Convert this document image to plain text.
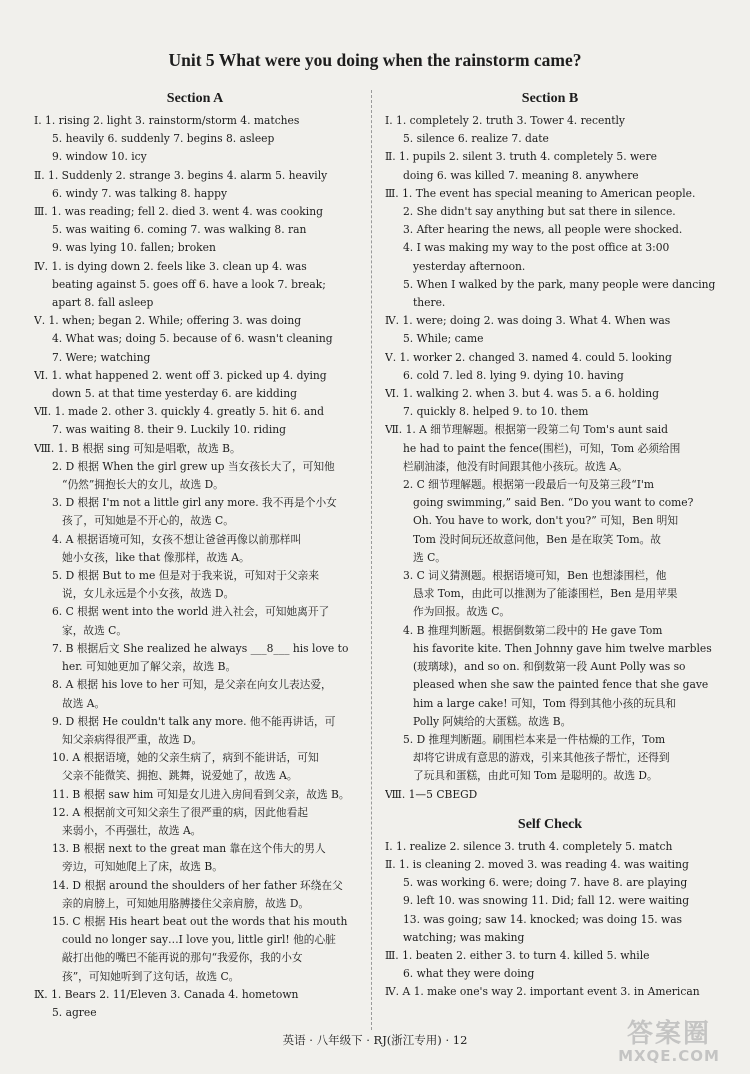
Unit 5 What were you doing when the rainstorm came?
Section A
Ⅰ. 1. rising 2. light 3. rainstorm/storm 4. matches
5. heavily 6. suddenly 7. begins 8. asleep
9. window 10. icy
Ⅱ. 1. Suddenly 2. strange 3. begins 4. alarm 5. heavily
6. windy 7. was talking 8. happy
Ⅲ. 1. was reading; fell 2. died 3. went 4. was cooking
5. was waiting 6. coming 7. was walking 8. ran
9. was lying 10. fallen; broken
Ⅳ. 1. is dying down 2. feels like 3. clean up 4. was
beating against 5. goes off 6. have a look 7. break;
apart 8. fall asleep
Ⅴ. 1. when; began 2. While; offering 3. was doing
4. What was; doing 5. because of 6. wasn't cleaning
7. Were; watching
Ⅵ. 1. what happened 2. went off 3. picked up 4. dying
down 5. at that time yesterday 6. are kidding
Ⅶ. 1. made 2. other 3. quickly 4. greatly 5. hit 6. and
7. was waiting 8. their 9. Luckily 10. riding
Ⅷ. 1. B 根据 sing 可知是唱歌，故选 B。
2. D 根据 When the girl grew up 当女孩长大了，可知他
“仍然”拥抱长大的女儿，故选 D。
3. D 根据 I'm not a little girl any more. 我不再是个小女
孩了，可知她是不开心的，故选 C。
4. A 根据语境可知，女孩不想让爸爸再像以前那样叫
她小女孩，like that 像那样，故选 A。
5. D 根据 But to me 但是对于我来说，可知对于父亲来
说，女儿永远是个小女孩，故选 D。
6. C 根据 went into the world 进入社会，可知她离开了
家，故选 C。
7. B 根据后文 She realized he always ___8___ his love to
her. 可知她更加了解父亲，故选 B。
8. A 根据 his love to her 可知，是父亲在向女儿表达爱，
故选 A。
9. D 根据 He couldn't talk any more. 他不能再讲话，可
知父亲病得很严重，故选 D。
10. A 根据语境，她的父亲生病了，病到不能讲话，可知
父亲不能微笑、拥抱、跳舞，说爱她了，故选 A。
11. B 根据 saw him 可知是女儿进入房间看到父亲，故选 B。
12. A 根据前文可知父亲生了很严重的病，因此他看起
来弱小，不再强壮，故选 A。
13. B 根据 next to the great man 靠在这个伟大的男人
旁边，可知她爬上了床，故选 B。
14. D 根据 around the shoulders of her father 环绕在父
亲的肩膀上，可知她用胳膊搂住父亲肩膀，故选 D。
15. C 根据 His heart beat out the words that his mouth
could no longer say…I love you, little girl! 他的心脏
敲打出他的嘴巴不能再说的那句“我爱你，我的小女
孩”，可知她听到了这句话，故选 C。
Ⅸ. 1. Bears 2. 11/Eleven 3. Canada 4. hometown
5. agree
Section B
Ⅰ. 1. completely 2. truth 3. Tower 4. recently
5. silence 6. realize 7. date
Ⅱ. 1. pupils 2. silent 3. truth 4. completely 5. were
doing 6. was killed 7. meaning 8. anywhere
Ⅲ. 1. The event has special meaning to American people.
2. She didn't say anything but sat there in silence.
3. After hearing the news, all people were shocked.
4. I was making my way to the post office at 3:00
yesterday afternoon.
5. When I walked by the park, many people were dancing
there.
Ⅳ. 1. were; doing 2. was doing 3. What 4. When was
5. While; came
Ⅴ. 1. worker 2. changed 3. named 4. could 5. looking
6. cold 7. led 8. lying 9. dying 10. having
Ⅵ. 1. walking 2. when 3. but 4. was 5. a 6. holding
7. quickly 8. helped 9. to 10. them
Ⅶ. 1. A 细节理解题。根据第一段第二句 Tom's aunt said
he had to paint the fence(围栏)，可知，Tom 必须给围
栏刷油漆，他没有时间跟其他小孩玩。故选 A。
2. C 细节理解题。根据第一段最后一句及第三段“I'm
going swimming,” said Ben. “Do you want to come?
Oh. You have to work, don't you?” 可知，Ben 明知
Tom 没时间玩还故意问他，Ben 是在取笑 Tom。故
选 C。
3. C 词义猜测题。根据语境可知，Ben 也想漆围栏，他
恳求 Tom，由此可以推测为了能漆围栏，Ben 是用苹果
作为回报。故选 C。
4. B 推理判断题。根据倒数第二段中的 He gave Tom
his favorite kite. Then Johnny gave him twelve marbles
(玻璃球)，and so on. 和倒数第一段 Aunt Polly was so
pleased when she saw the painted fence that she gave
him a large cake! 可知，Tom 得到其他小孩的玩具和
Polly 阿姨给的大蛋糕。故选 B。
5. D 推理判断题。刷围栏本来是一件枯燥的工作，Tom
却将它讲成有意思的游戏，引来其他孩子帮忙，还得到
了玩具和蛋糕，由此可知 Tom 是聪明的。故选 D。
Ⅷ. 1—5 CBEGD
Self Check
Ⅰ. 1. realize 2. silence 3. truth 4. completely 5. match
Ⅱ. 1. is cleaning 2. moved 3. was reading 4. was waiting
5. was working 6. were; doing 7. have 8. are playing
9. left 10. was snowing 11. Did; fall 12. were waiting
13. was going; saw 14. knocked; was doing 15. was
watching; was making
Ⅲ. 1. beaten 2. either 3. to turn 4. killed 5. while
6. what they were doing
Ⅳ. A 1. make one's way 2. important event 3. in American
英语 · 八年级下 · RJ(浙江专用) · 12	答案圈
MXQE.COM
